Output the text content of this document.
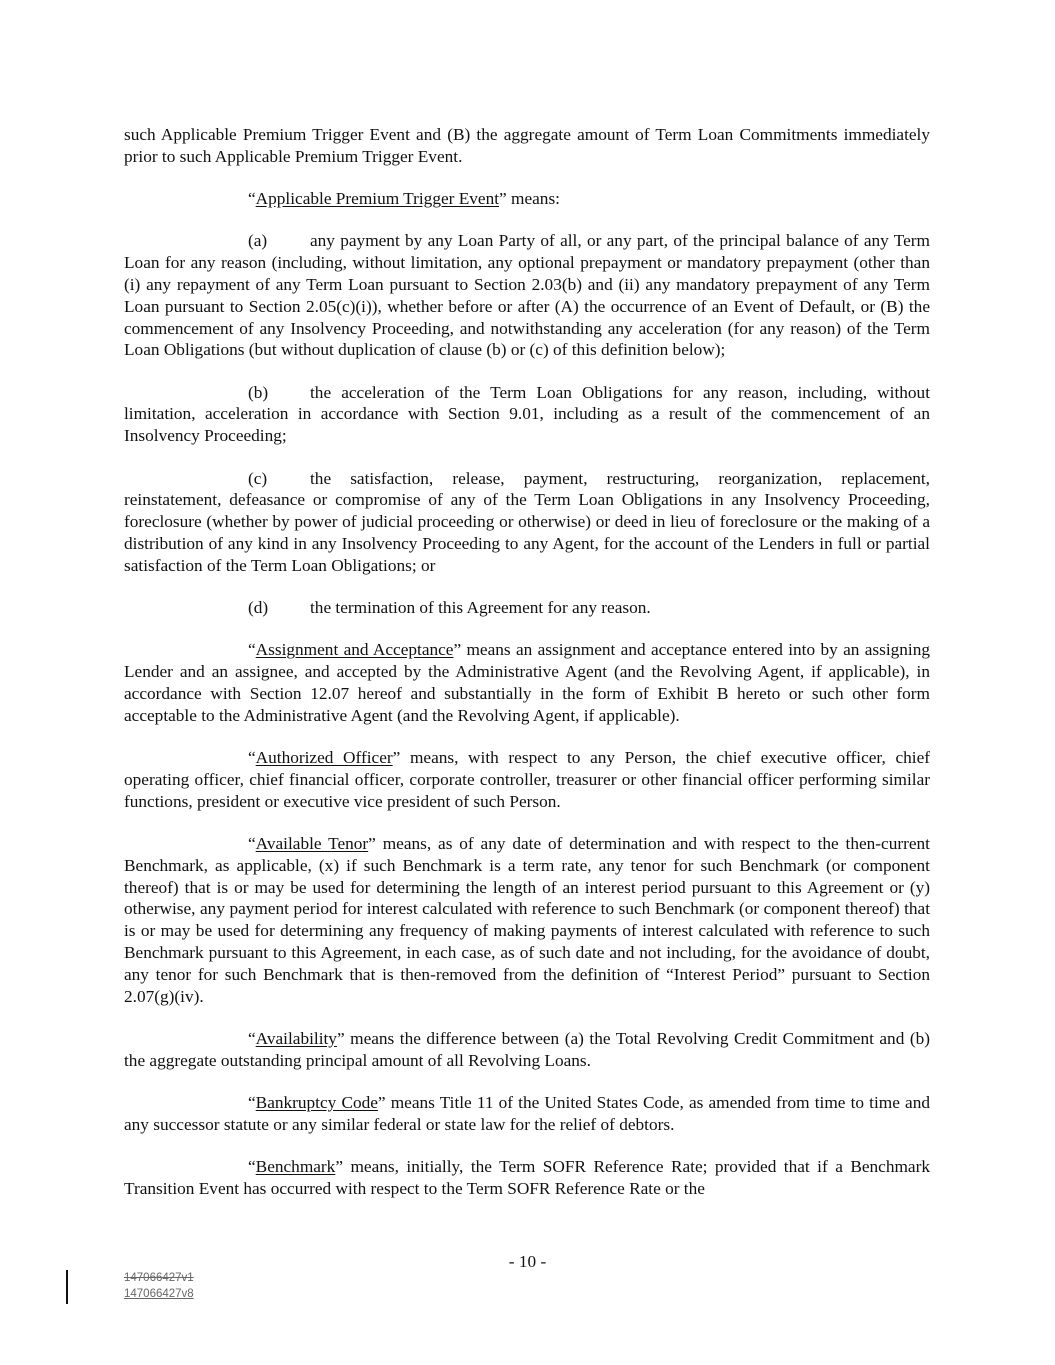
such Applicable Premium Trigger Event and (B) the aggregate amount of Term Loan Commitments immediately prior to such Applicable Premium Trigger Event.

“Applicable Premium Trigger Event” means:

(a) any payment by any Loan Party of all, or any part, of the principal balance of any Term Loan for any reason (including, without limitation, any optional prepayment or mandatory prepayment (other than (i) any repayment of any Term Loan pursuant to Section 2.03(b) and (ii) any mandatory prepayment of any Term Loan pursuant to Section 2.05(c)(i)), whether before or after (A) the occurrence of an Event of Default, or (B) the commencement of any Insolvency Proceeding, and notwithstanding any acceleration (for any reason) of the Term Loan Obligations (but without duplication of clause (b) or (c) of this definition below);

(b) the acceleration of the Term Loan Obligations for any reason, including, without limitation, acceleration in accordance with Section 9.01, including as a result of the commencement of an Insolvency Proceeding;

(c) the satisfaction, release, payment, restructuring, reorganization, replacement, reinstatement, defeasance or compromise of any of the Term Loan Obligations in any Insolvency Proceeding, foreclosure (whether by power of judicial proceeding or otherwise) or deed in lieu of foreclosure or the making of a distribution of any kind in any Insolvency Proceeding to any Agent, for the account of the Lenders in full or partial satisfaction of the Term Loan Obligations; or

(d) the termination of this Agreement for any reason.

“Assignment and Acceptance” means an assignment and acceptance entered into by an assigning Lender and an assignee, and accepted by the Administrative Agent (and the Revolving Agent, if applicable), in accordance with Section 12.07 hereof and substantially in the form of Exhibit B hereto or such other form acceptable to the Administrative Agent (and the Revolving Agent, if applicable).

“Authorized Officer” means, with respect to any Person, the chief executive officer, chief operating officer, chief financial officer, corporate controller, treasurer or other financial officer performing similar functions, president or executive vice president of such Person.

“Available Tenor” means, as of any date of determination and with respect to the then-current Benchmark, as applicable, (x) if such Benchmark is a term rate, any tenor for such Benchmark (or component thereof) that is or may be used for determining the length of an interest period pursuant to this Agreement or (y) otherwise, any payment period for interest calculated with reference to such Benchmark (or component thereof) that is or may be used for determining any frequency of making payments of interest calculated with reference to such Benchmark pursuant to this Agreement, in each case, as of such date and not including, for the avoidance of doubt, any tenor for such Benchmark that is then-removed from the definition of “Interest Period” pursuant to Section 2.07(g)(iv).

“Availability” means the difference between (a) the Total Revolving Credit Commitment and (b) the aggregate outstanding principal amount of all Revolving Loans.

“Bankruptcy Code” means Title 11 of the United States Code, as amended from time to time and any successor statute or any similar federal or state law for the relief of debtors.

“Benchmark” means, initially, the Term SOFR Reference Rate; provided that if a Benchmark Transition Event has occurred with respect to the Term SOFR Reference Rate or the

- 10 -
147066427v1
147066427v8
